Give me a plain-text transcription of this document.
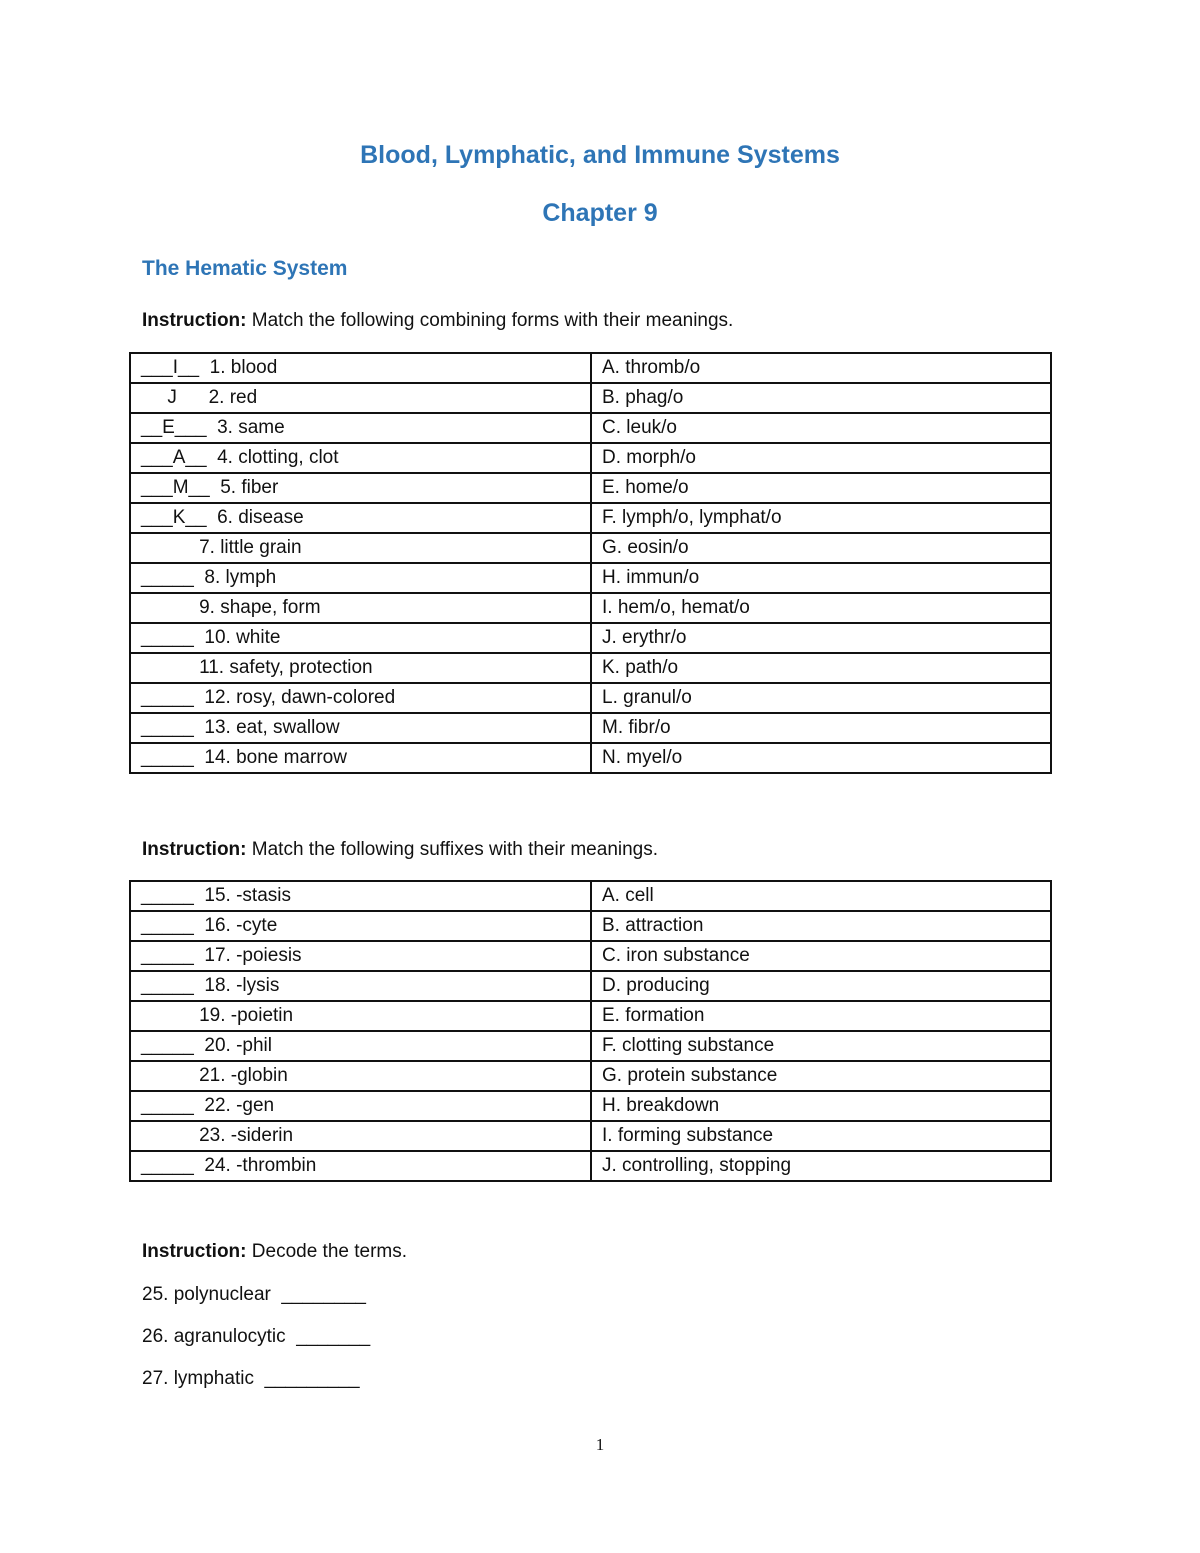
Blood, Lymphatic, and Immune Systems
Chapter 9
The Hematic System

Instruction: Match the following combining forms with their meanings.

___I__  1. blood	A. thromb/o
J      2. red	B. phag/o
__E___  3. same	C. leuk/o
___A__  4. clotting, clot	D. morph/o
___M__  5. fiber	E. home/o
___K__  6. disease	F. lymph/o, lymphat/o
7. little grain	G. eosin/o
_____  8. lymph	H. immun/o
9. shape, form	I. hem/o, hemat/o
_____  10. white	J. erythr/o
11. safety, protection	K. path/o
_____  12. rosy, dawn-colored	L. granul/o
_____  13. eat, swallow	M. fibr/o
_____  14. bone marrow	N. myel/o

Instruction: Match the following suffixes with their meanings.

_____  15. -stasis	A. cell
_____  16. -cyte	B. attraction
_____  17. -poiesis	C. iron substance
_____  18. -lysis	D. producing
19. -poietin	E. formation
_____  20. -phil	F. clotting substance
21. -globin	G. protein substance
_____  22. -gen	H. breakdown
23. -siderin	I. forming substance
_____  24. -thrombin	J. controlling, stopping

Instruction: Decode the terms.

25. polynuclear  ________

26. agranulocytic  _______

27. lymphatic  _________

1
